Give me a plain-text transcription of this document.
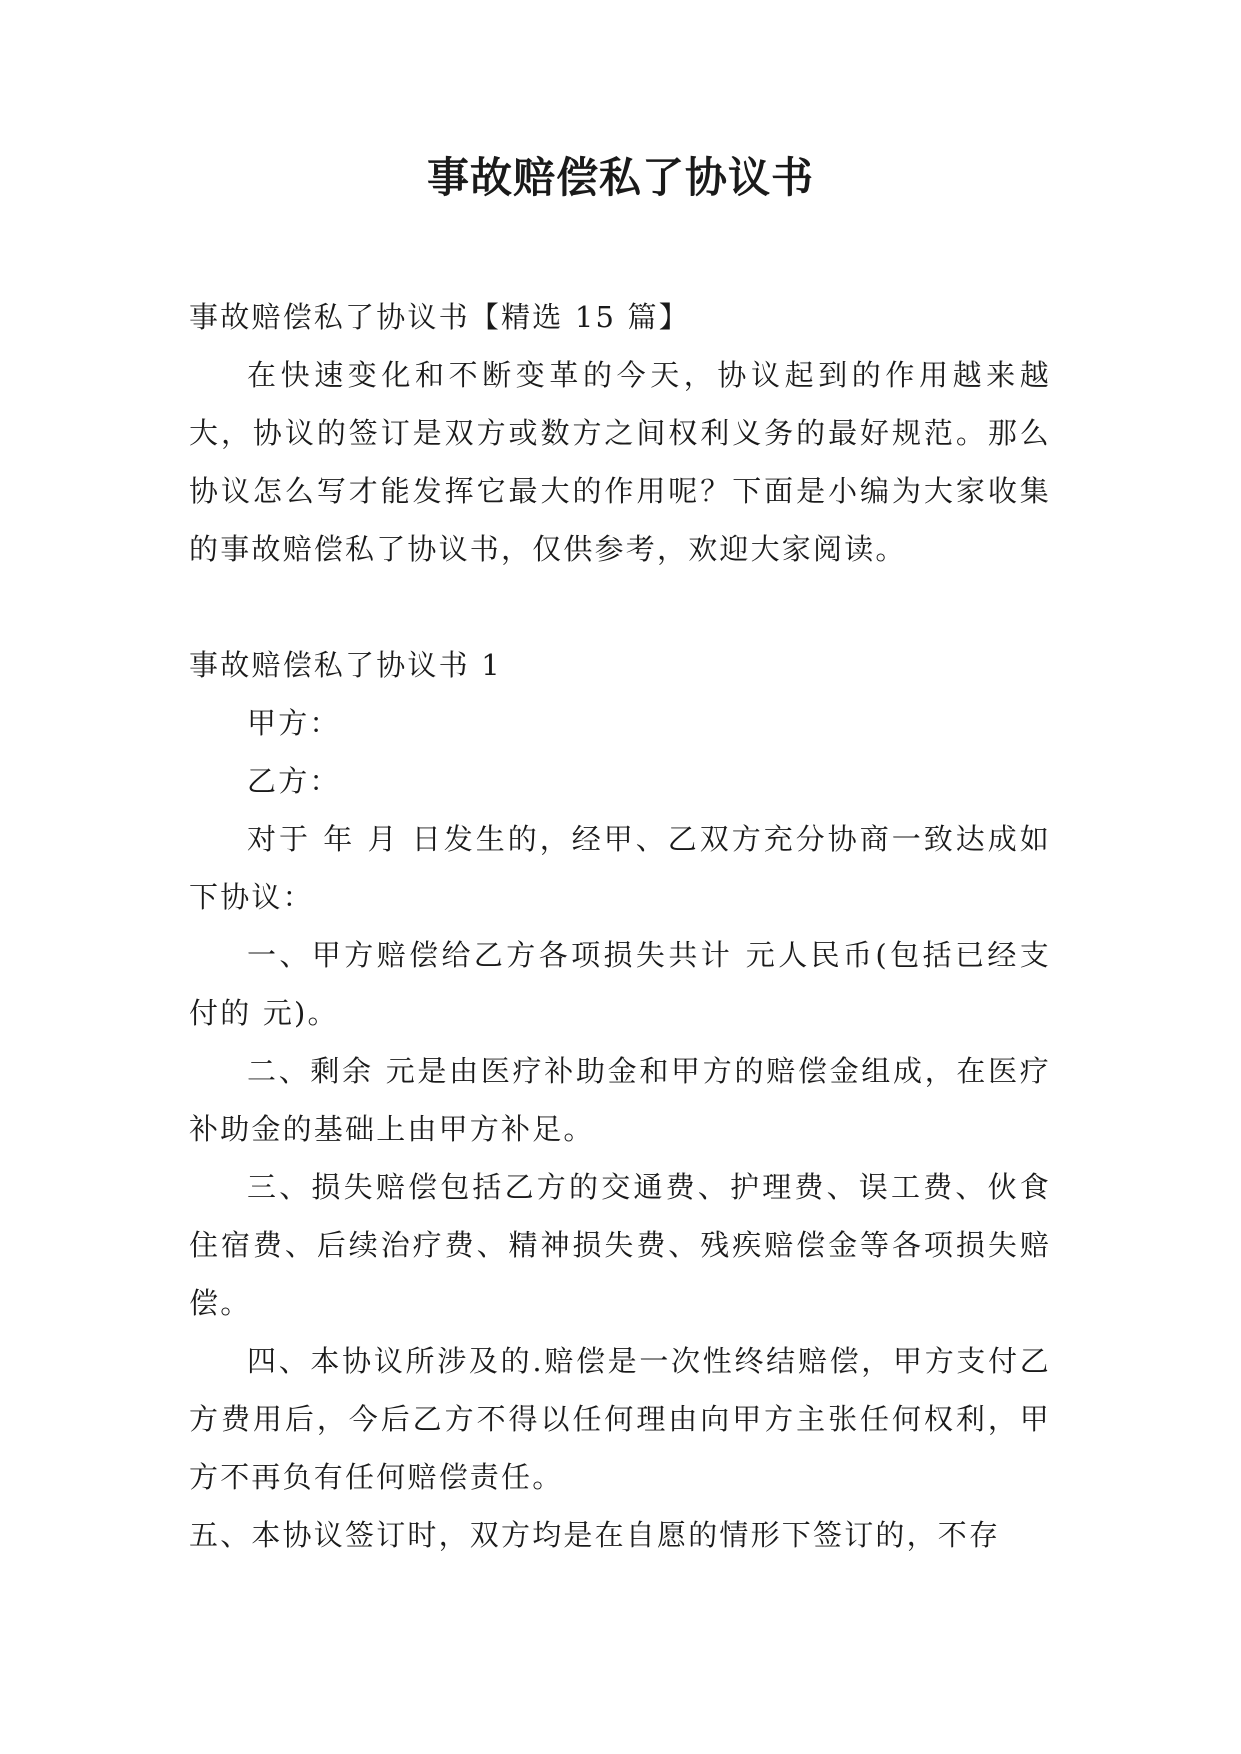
事故赔偿私了协议书

事故赔偿私了协议书【精选 15 篇】

在快速变化和不断变革的今天，协议起到的作用越来越大，协议的签订是双方或数方之间权利义务的最好规范。那么协议怎么写才能发挥它最大的作用呢？下面是小编为大家收集的事故赔偿私了协议书，仅供参考，欢迎大家阅读。

事故赔偿私了协议书 1

甲方：

乙方：

对于 年 月 日发生的，经甲、乙双方充分协商一致达成如下协议：

一、甲方赔偿给乙方各项损失共计 元人民币(包括已经支付的 元)。

二、剩余 元是由医疗补助金和甲方的赔偿金组成，在医疗补助金的基础上由甲方补足。

三、损失赔偿包括乙方的交通费、护理费、误工费、伙食住宿费、后续治疗费、精神损失费、残疾赔偿金等各项损失赔偿。

四、本协议所涉及的.赔偿是一次性终结赔偿，甲方支付乙方费用后，今后乙方不得以任何理由向甲方主张任何权利，甲方不再负有任何赔偿责任。

五、本协议签订时，双方均是在自愿的情形下签订的，不存
